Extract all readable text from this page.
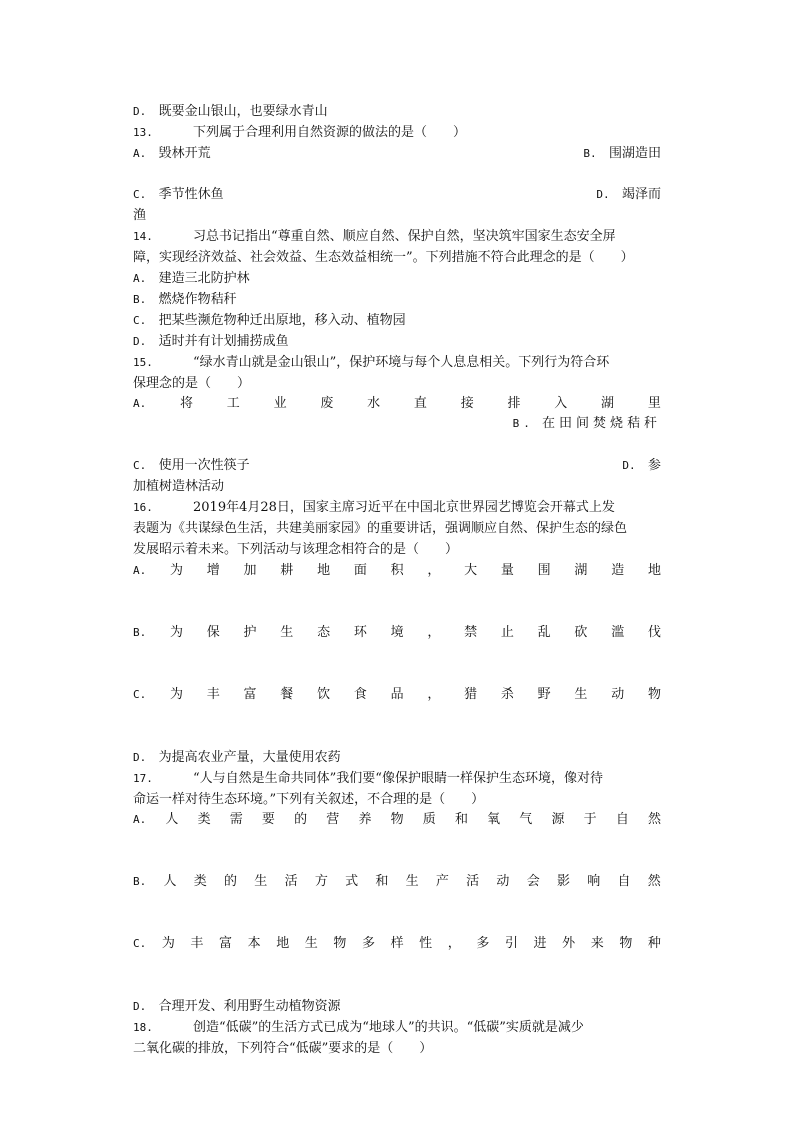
D. 既要金山银山，也要绿水青山
13.	下列属于合理利用自然资源的做法的是（　　）
A. 毁林开荒	B. 围湖造田
C. 季节性休鱼	D. 竭泽而
渔
14.	习总书记指出“尊重自然、顺应自然、保护自然，坚决筑牢国家生态安全屏
障，实现经济效益、社会效益、生态效益相统一”。下列措施不符合此理念的是（　　）
A. 建造三北防护林
B. 燃烧作物秸秆
C. 把某些濒危物种迁出原地，移入动、植物园
D. 适时并有计划捕捞成鱼
15.	“绿水青山就是金山银山”，保护环境与每个人息息相关。下列行为符合环
保理念的是（　　）
A.	将	工	业	废	水	直	接	排	入	湖	里
B. 在田间焚烧秸秆
C. 使用一次性筷子	D. 参
加植树造林活动
16.	2019年4月28日，国家主席习近平在中国北京世界园艺博览会开幕式上发
表题为《共谋绿色生活，共建美丽家园》的重要讲话，强调顺应自然、保护生态的绿色
发展昭示着未来。下列活动与该理念相符合的是（　　）
A. 为 增 加 耕 地 面 积 ， 大 量 围 湖 造 地
B. 为 保 护 生 态 环 境 ， 禁 止 乱 砍 滥 伐
C. 为 丰 富 餐 饮 食 品 ， 猎 杀 野 生 动 物
D. 为提高农业产量，大量使用农药
17.	“人与自然是生命共同体”我们要“像保护眼睛一样保护生态环境，像对待
命运一样对待生态环境。”下列有关叙述，不合理的是（　　）
A. 人 类 需 要 的 营 养 物 质 和 氧 气 源 于 自 然
B. 人 类 的 生 活 方 式 和 生 产 活 动 会 影 响 自 然
C. 为 丰 富 本 地 生 物 多 样 性 ， 多 引 进 外 来 物 种
D. 合理开发、利用野生动植物资源
18.	创造“低碳”的生活方式已成为“地球人”的共识。“低碳”实质就是减少
二氧化碳的排放，下列符合“低碳”要求的是（　　）
